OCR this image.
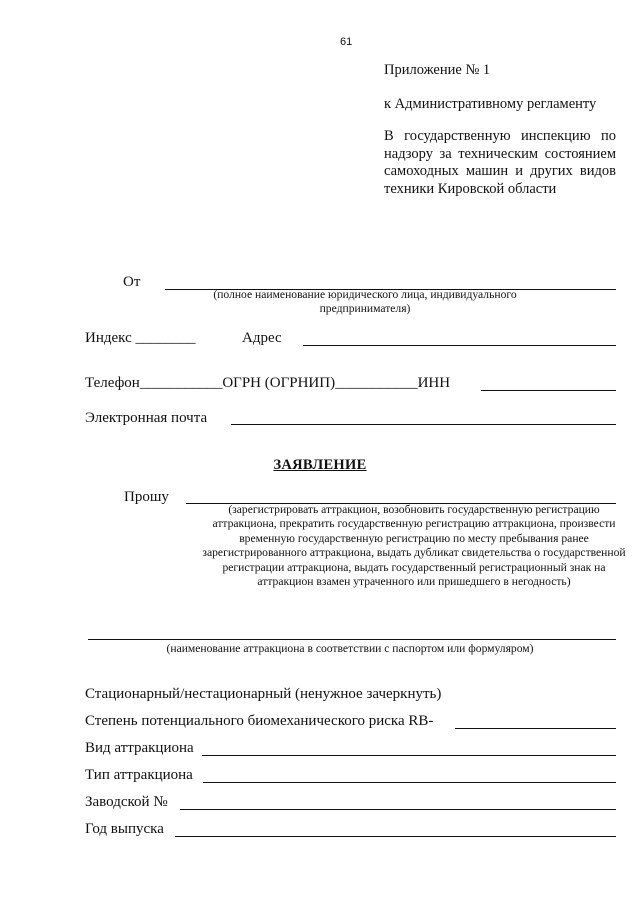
61
Приложение № 1
к Административному регламенту
В государственную инспекцию по надзору за техническим состоянием самоходных машин и других видов техники Кировской области
От
(полное наименование юридического лица, индивидуального предпринимателя)
Индекс ________	Адрес
Телефон___________ОГРН (ОГРНИП)___________ИНН
Электронная почта
ЗАЯВЛЕНИЕ
Прошу
(зарегистрировать аттракцион, возобновить государственную регистрацию аттракциона, прекратить государственную регистрацию аттракциона, произвести временную государственную регистрацию по месту пребывания ранее зарегистрированного аттракциона, выдать дубликат свидетельства о государственной регистрации аттракциона, выдать государственный регистрационный знак на аттракцион взамен утраченного или пришедшего в негодность)
(наименование аттракциона в соответствии с паспортом или формуляром)
Стационарный/нестационарный (ненужное зачеркнуть)
Степень потенциального биомеханического риска RB-
Вид аттракциона
Тип аттракциона
Заводской №
Год выпуска
